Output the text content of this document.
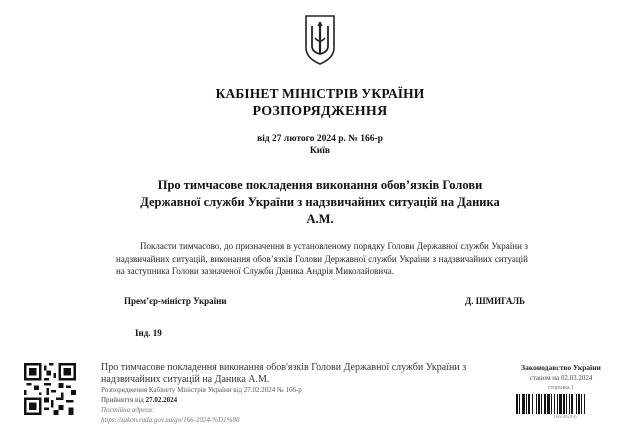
КАБІНЕТ МІНІСТРІВ УКРАЇНИ
РОЗПОРЯДЖЕННЯ
від 27 лютого 2024 р. № 166-р
Київ
Про тимчасове покладення виконання обов’язків Голови Державної служби України з надзвичайних ситуацій на Даника А.М.

Покласти тимчасово, до призначення в установленому порядку Голови Державної служби України з надзвичайних ситуацій, виконання обов’язків Голови Державної служби України з надзвичайних ситуацій на заступника Голови зазначеної Служби Даника Андрія Миколайовича.

Прем’єр-міністр України	Д. ШМИГАЛЬ
Інд. 19
Про тимчасове покладення виконання обов'язків Голови Державної служби України з надзвичайних ситуацій на Даника А.М.
Розпорядження Кабінету Міністрів України від 27.02.2024 № 166-р
Прийняття від 27.02.2024
Постійна адреса:
https://zakon.rada.gov.ua/go/166-2024-%D1%80
Законодавство України
станом на 02.03.2024
сторінка 1
166-2024-р
